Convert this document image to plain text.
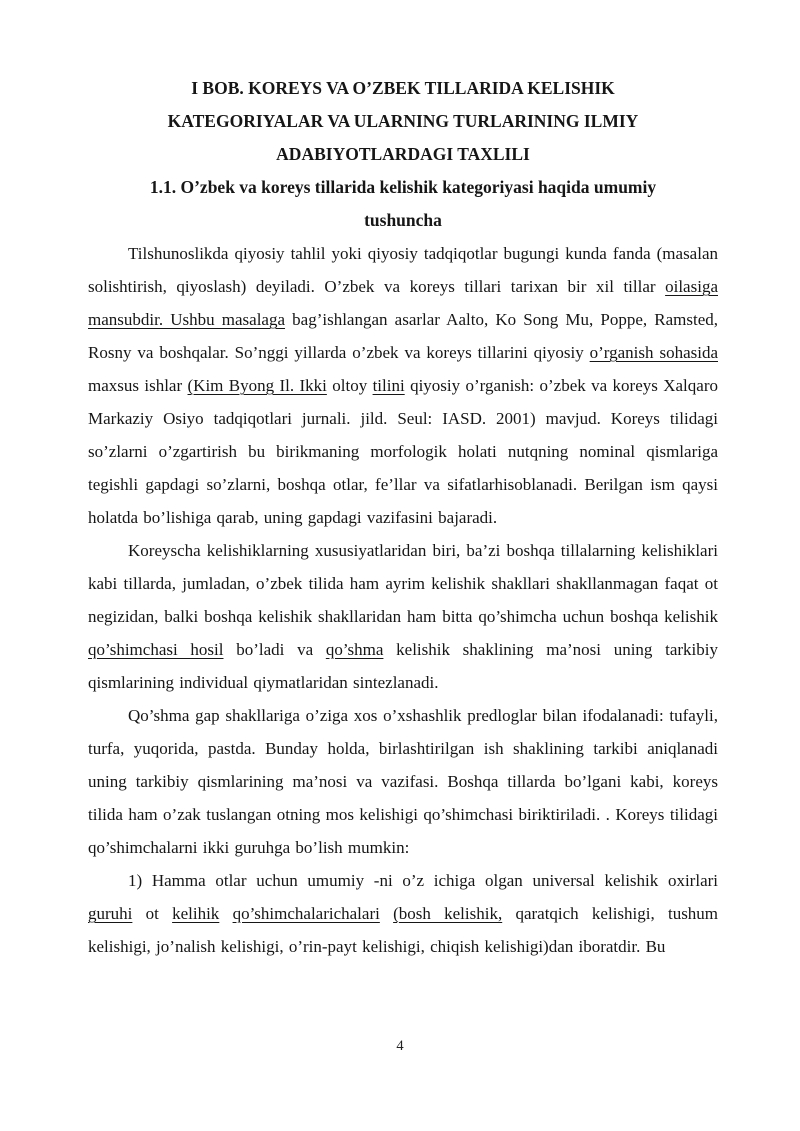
I BOB. KOREYS VA O’ZBEK TILLARIDA KELISHIK
KATEGORIYALAR VA ULARNING TURLARINING ILMIY
ADABIYOTLARDAGI TAXLILI
1.1. O’zbek va koreys tillarida kelishik kategoriyasi haqida umumiy
tushuncha

Tilshunoslikda qiyosiy tahlil yoki qiyosiy tadqiqotlar bugungi kunda fanda (masalan solishtirish, qiyoslash) deyiladi. O’zbek va koreys tillari tarixan bir xil tillar oilasiga mansubdir. Ushbu masalaga bag’ishlangan asarlar Aalto, Ko Song Mu, Poppe, Ramsted, Rosny va boshqalar. So’nggi yillarda o’zbek va koreys tillarini qiyosiy o’rganish sohasida maxsus ishlar (Kim Byong Il. Ikki oltoy tilini qiyosiy o’rganish: o’zbek va koreys Xalqaro Markaziy Osiyo tadqiqotlari jurnali. jild. Seul: IASD. 2001) mavjud. Koreys tilidagi so’zlarni o’zgartirish bu birikmaning morfologik holati nutqning nominal qismlariga tegishli gapdagi so’zlarni, boshqa otlar, fe’llar va sifatlarhisoblanadi. Berilgan ism qaysi holatda bo’lishiga qarab, uning gapdagi vazifasini bajaradi.

Koreyscha kelishiklarning xususiyatlaridan biri, ba’zi boshqa tillalarning kelishiklari kabi tillarda, jumladan, o’zbek tilida ham ayrim kelishik shakllari shakllanmagan faqat ot negizidan, balki boshqa kelishik shakllaridan ham bitta qo’shimcha uchun boshqa kelishik qo’shimchasi hosil bo’ladi va qo’shma kelishik shaklining ma’nosi uning tarkibiy qismlarining individual qiymatlaridan sintezlanadi.

Qo’shma gap shakllariga o’ziga xos o’xshashlik predloglar bilan ifodalanadi: tufayli, turfa, yuqorida, pastda. Bunday holda, birlashtirilgan ish shaklining tarkibi aniqlanadi uning tarkibiy qismlarining ma’nosi va vazifasi. Boshqa tillarda bo’lgani kabi, koreys tilida ham o’zak tuslangan otning mos kelishigi qo’shimchasi biriktiriladi. . Koreys tilidagi qo’shimchalarni ikki guruhga bo’lish mumkin:

1) Hamma otlar uchun umumiy -ni o’z ichiga olgan universal kelishik oxirlari guruhi ot kelihik qo’shimchalarichalari (bosh kelishik, qaratqich kelishigi, tushum kelishigi, jo’nalish kelishigi, o’rin-payt kelishigi, chiqish kelishigi)dan iboratdir. Bu

4
